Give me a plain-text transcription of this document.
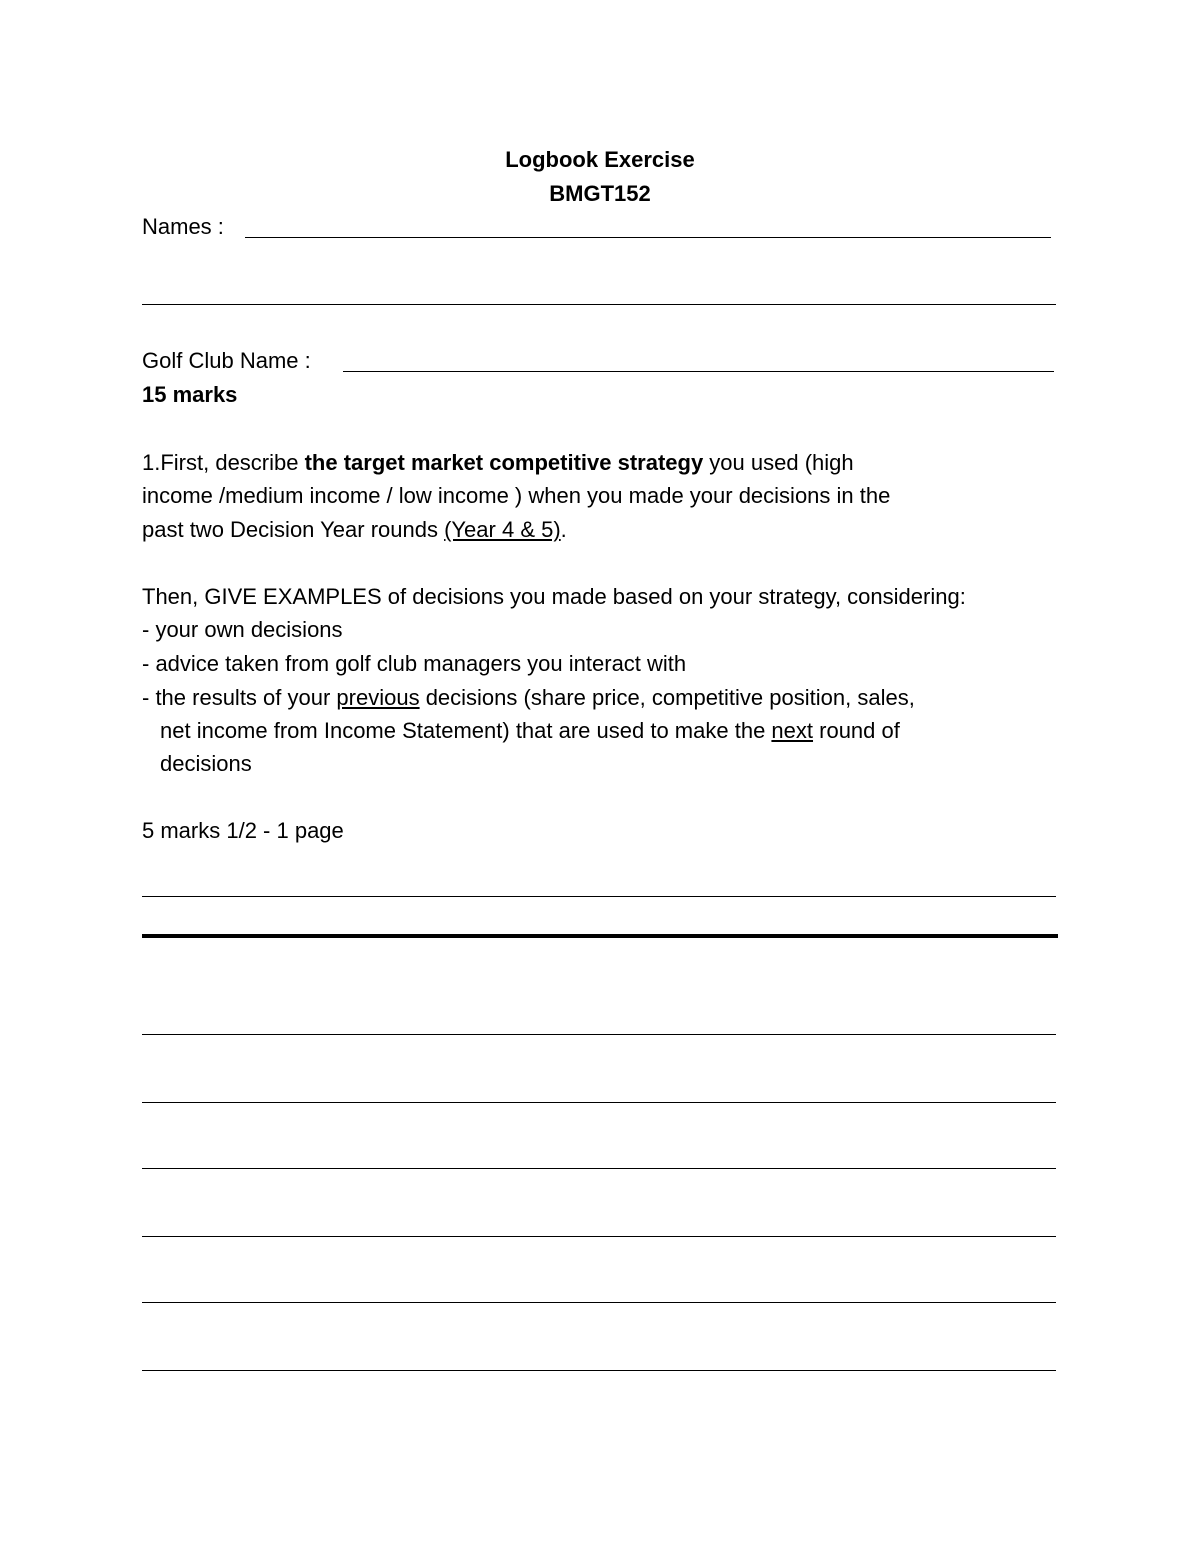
Logbook Exercise
BMGT152
Names :
Golf Club Name :
15 marks
1.First, describe the target market competitive strategy you used (high
income /medium income / low income ) when you made your decisions in the
past two Decision Year rounds (Year 4 & 5).
Then, GIVE EXAMPLES of decisions you made based on your strategy, considering:
- your own decisions
- advice taken from golf club managers you interact with
- the results of your previous decisions (share price, competitive position, sales,
net income from Income Statement) that are used to make the next round of
decisions
5 marks 1/2 - 1 page
